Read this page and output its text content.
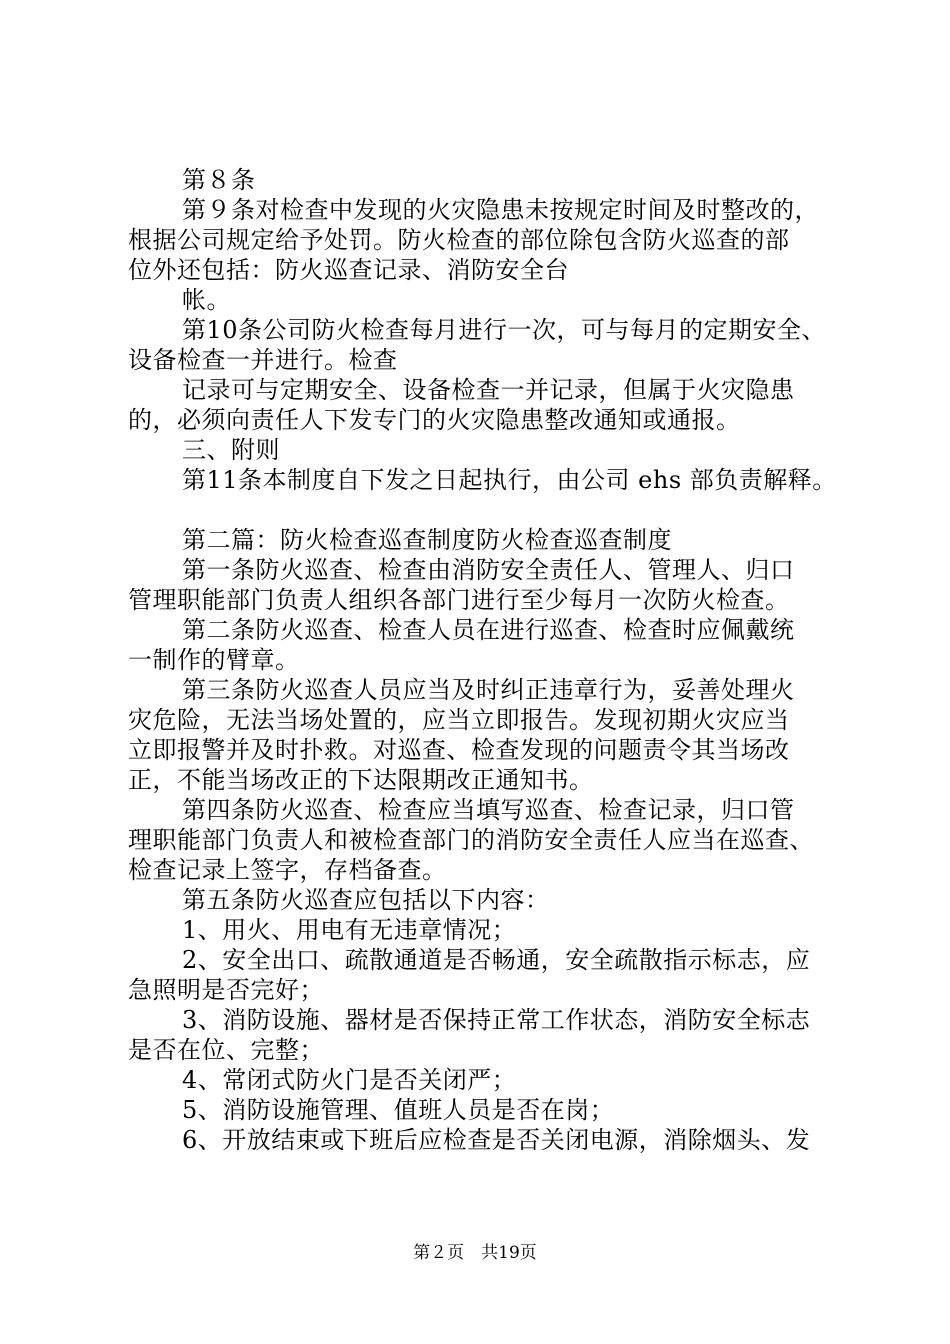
第８条
第９条对检查中发现的火灾隐患未按规定时间及时整改的，
根据公司规定给予处罚。防火检查的部位除包含防火巡查的部
位外还包括：防火巡查记录、消防安全台
帐。
第10条公司防火检查每月进行一次，可与每月的定期安全、
设备检查一并进行。检查
记录可与定期安全、设备检查一并记录，但属于火灾隐患
的，必须向责任人下发专门的火灾隐患整改通知或通报。
三、附则
第11条本制度自下发之日起执行，由公司 ehs 部负责解释。
第二篇：防火检查巡查制度防火检查巡查制度
第一条防火巡查、检查由消防安全责任人、管理人、归口
管理职能部门负责人组织各部门进行至少每月一次防火检查。
第二条防火巡查、检查人员在进行巡查、检查时应佩戴统
一制作的臂章。
第三条防火巡查人员应当及时纠正违章行为，妥善处理火
灾危险，无法当场处置的，应当立即报告。发现初期火灾应当
立即报警并及时扑救。对巡查、检查发现的问题责令其当场改
正，不能当场改正的下达限期改正通知书。
第四条防火巡查、检查应当填写巡查、检查记录，归口管
理职能部门负责人和被检查部门的消防安全责任人应当在巡查、
检查记录上签字，存档备查。
第五条防火巡查应包括以下内容：
1、用火、用电有无违章情况；
2、安全出口、疏散通道是否畅通，安全疏散指示标志，应
急照明是否完好；
3、消防设施、器材是否保持正常工作状态，消防安全标志
是否在位、完整；
4、常闭式防火门是否关闭严；
5、消防设施管理、值班人员是否在岗；
6、开放结束或下班后应检查是否关闭电源，消除烟头、发
第２页　共19页
